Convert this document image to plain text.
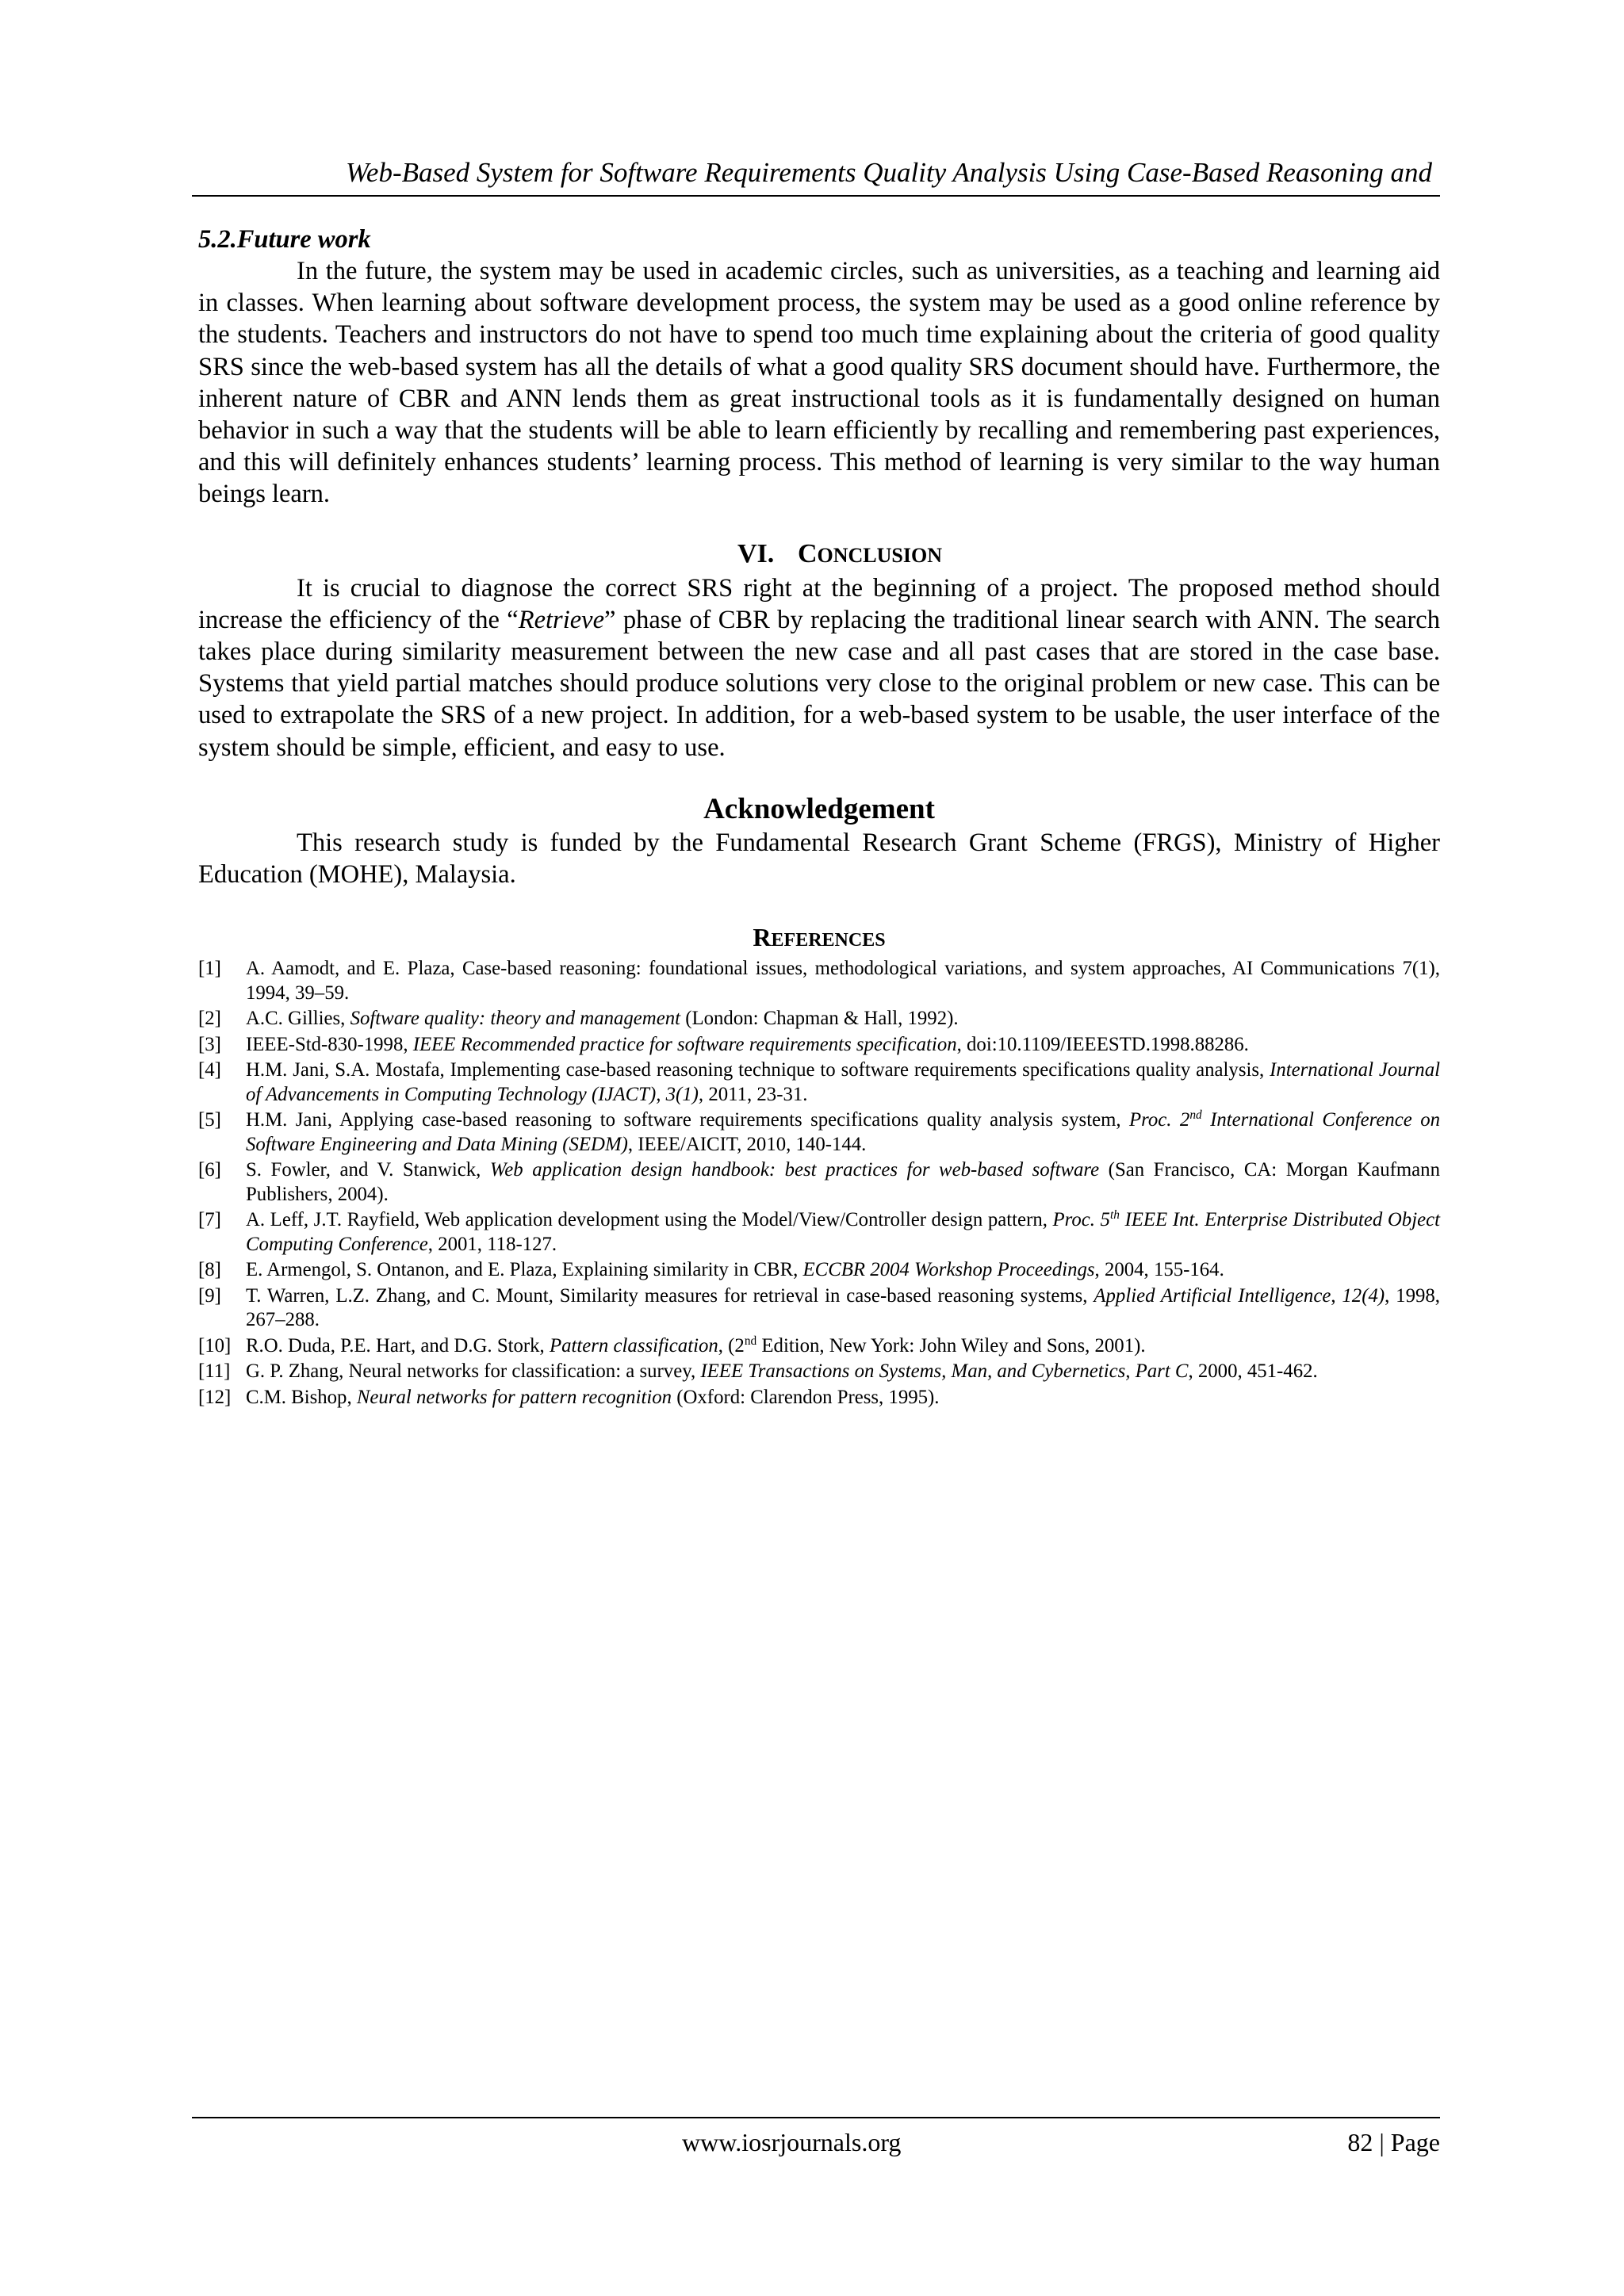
Web-Based System for Software Requirements Quality Analysis Using Case-Based Reasoning and

5.2.Future work

In the future, the system may be used in academic circles, such as universities, as a teaching and learning aid in classes. When learning about software development process, the system may be used as a good online reference by the students. Teachers and instructors do not have to spend too much time explaining about the criteria of good quality SRS since the web-based system has all the details of what a good quality SRS document should have. Furthermore, the inherent nature of CBR and ANN lends them as great instructional tools as it is fundamentally designed on human behavior in such a way that the students will be able to learn efficiently by recalling and remembering past experiences, and this will definitely enhances students’ learning process. This method of learning is very similar to the way human beings learn.

VI. CONCLUSION

It is crucial to diagnose the correct SRS right at the beginning of a project. The proposed method should increase the efficiency of the “Retrieve” phase of CBR by replacing the traditional linear search with ANN. The search takes place during similarity measurement between the new case and all past cases that are stored in the case base. Systems that yield partial matches should produce solutions very close to the original problem or new case. This can be used to extrapolate the SRS of a new project. In addition, for a web-based system to be usable, the user interface of the system should be simple, efficient, and easy to use.

Acknowledgement

This research study is funded by the Fundamental Research Grant Scheme (FRGS), Ministry of Higher Education (MOHE), Malaysia.

REFERENCES
[1]	A. Aamodt, and E. Plaza, Case-based reasoning: foundational issues, methodological variations, and system approaches, AI Communications 7(1), 1994, 39–59.
[2]	A.C. Gillies, Software quality: theory and management (London: Chapman & Hall, 1992).
[3]	IEEE-Std-830-1998, IEEE Recommended practice for software requirements specification, doi:10.1109/IEEESTD.1998.88286.
[4]	H.M. Jani, S.A. Mostafa, Implementing case-based reasoning technique to software requirements specifications quality analysis, International Journal of Advancements in Computing Technology (IJACT), 3(1), 2011, 23-31.
[5]	H.M. Jani, Applying case-based reasoning to software requirements specifications quality analysis system, Proc. 2nd International Conference on Software Engineering and Data Mining (SEDM), IEEE/AICIT, 2010, 140-144.
[6]	S. Fowler, and V. Stanwick, Web application design handbook: best practices for web-based software (San Francisco, CA: Morgan Kaufmann Publishers, 2004).
[7]	A. Leff, J.T. Rayfield, Web application development using the Model/View/Controller design pattern, Proc. 5th IEEE Int. Enterprise Distributed Object Computing Conference, 2001, 118-127.
[8]	E. Armengol, S. Ontanon, and E. Plaza, Explaining similarity in CBR, ECCBR 2004 Workshop Proceedings, 2004, 155-164.
[9]	T. Warren, L.Z. Zhang, and C. Mount, Similarity measures for retrieval in case-based reasoning systems, Applied Artificial Intelligence, 12(4), 1998, 267–288.
[10] R.O. Duda, P.E. Hart, and D.G. Stork, Pattern classification, (2nd Edition, New York: John Wiley and Sons, 2001).
[11] G. P. Zhang, Neural networks for classification: a survey, IEEE Transactions on Systems, Man, and Cybernetics, Part C, 2000, 451-462.
[12] C.M. Bishop, Neural networks for pattern recognition (Oxford: Clarendon Press, 1995).
www.iosrjournals.org	82 | Page
